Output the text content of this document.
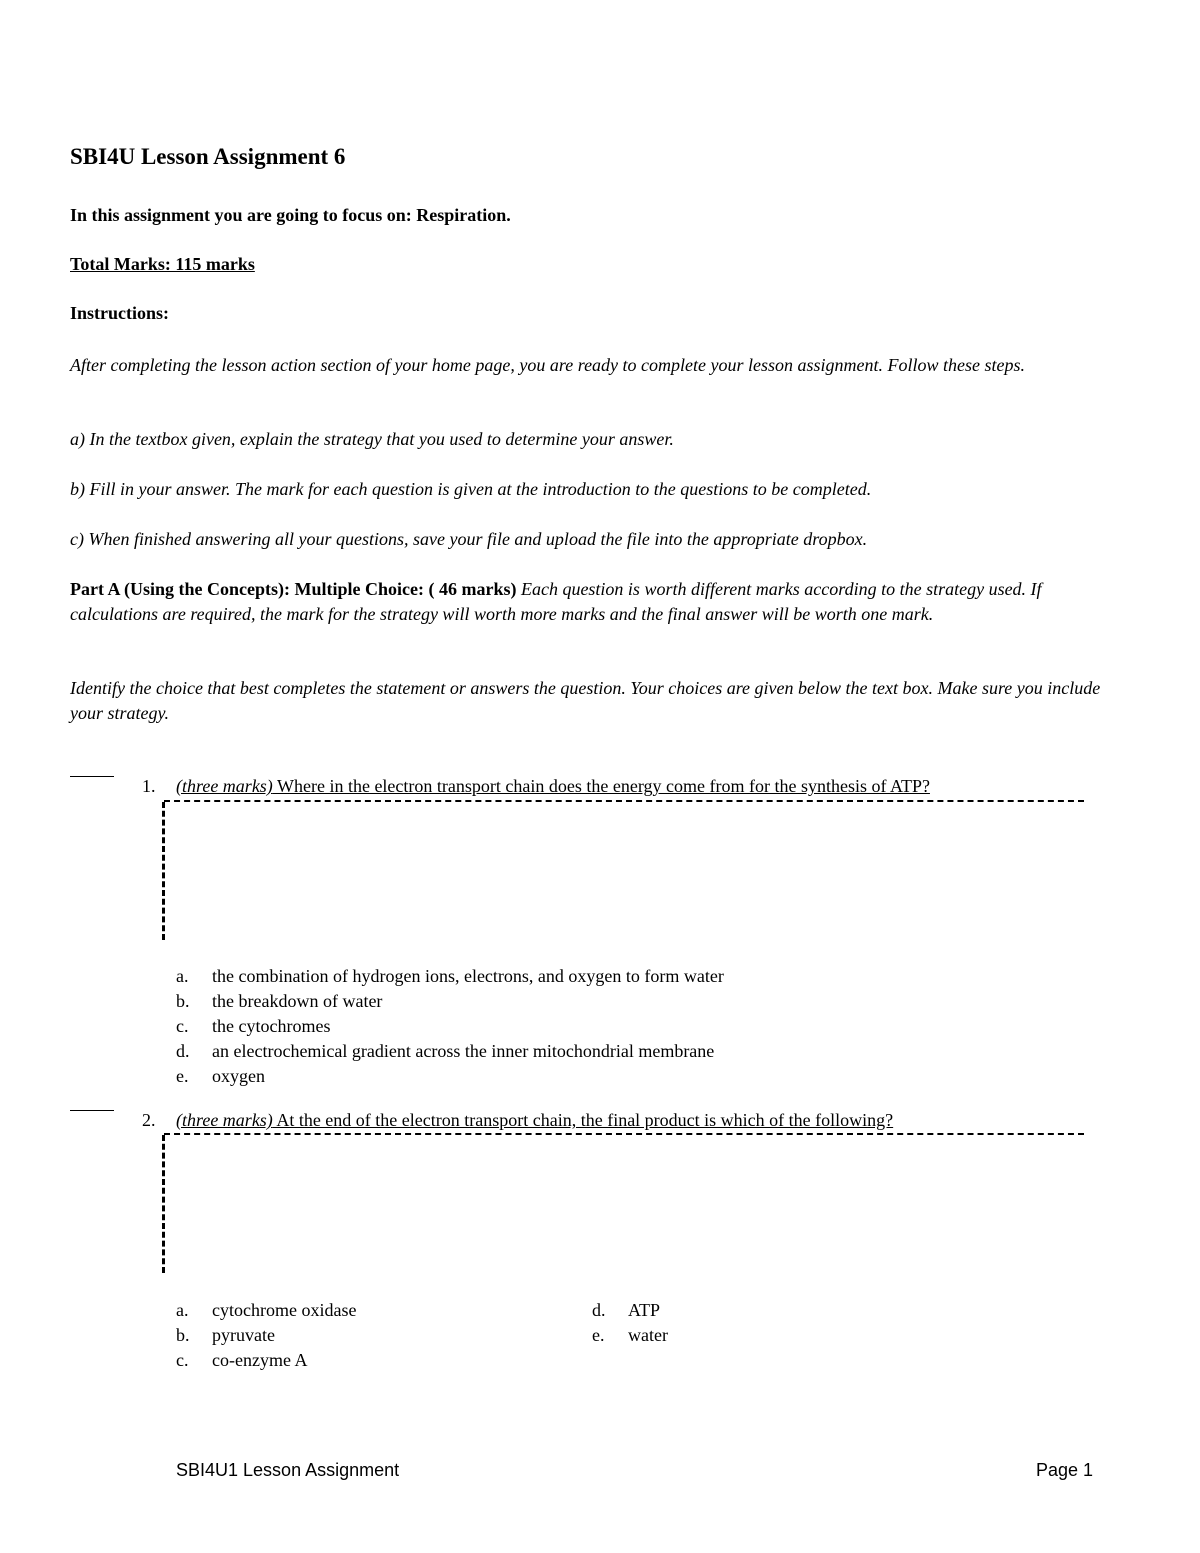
SBI4U Lesson Assignment 6
In this assignment you are going to focus on: Respiration.
Total Marks: 115 marks
Instructions:
After completing the lesson action section of your home page, you are ready to complete your lesson assignment. Follow these steps.
a) In the textbox given, explain the strategy that you used to determine your answer.
b) Fill in your answer. The mark for each question is given at the introduction to the questions to be completed.
c) When finished answering all your questions, save your file and upload the file into the appropriate dropbox.
Part A (Using the Concepts): Multiple Choice: ( 46 marks) Each question is worth different marks according to the strategy used. If calculations are required, the mark for the strategy will worth more marks and the final answer will be worth one mark.
Identify the choice that best completes the statement or answers the question. Your choices are given below the text box. Make sure you include your strategy.
1. (three marks) Where in the electron transport chain does the energy come from for the synthesis of ATP?
a. the combination of hydrogen ions, electrons, and oxygen to form water
b. the breakdown of water
c. the cytochromes
d. an electrochemical gradient across the inner mitochondrial membrane
e. oxygen
2. (three marks) At the end of the electron transport chain, the final product is which of the following?
a. cytochrome oxidase
b. pyruvate
c. co-enzyme A
d. ATP
e. water
SBI4U1 Lesson Assignment	Page 1
